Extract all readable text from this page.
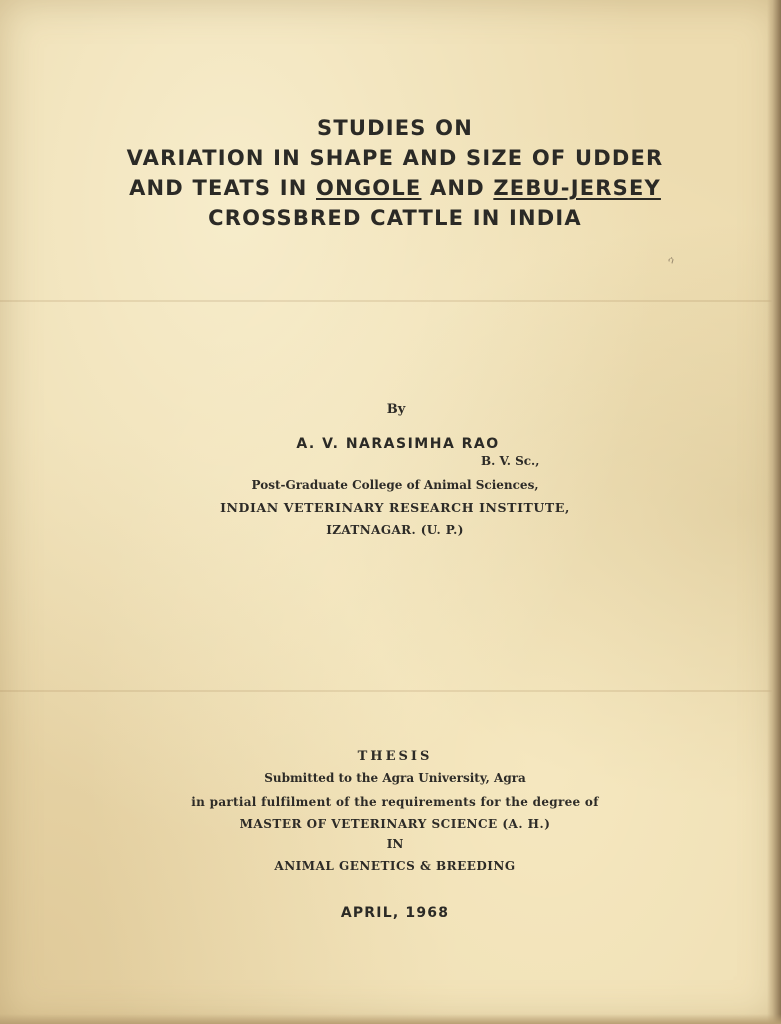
STUDIES ON
VARIATION IN SHAPE AND SIZE OF UDDER
AND TEATS IN ONGOLE AND ZEBU-JERSEY
CROSSBRED CATTLE IN INDIA
ሳ
By
A. V. NARASIMHA RAO
B. V. Sc.,
Post-Graduate College of Animal Sciences,
INDIAN VETERINARY RESEARCH INSTITUTE,
IZATNAGAR. (U. P.)
THESIS
Submitted to the Agra University, Agra
in partial fulfilment of the requirements for the degree of
MASTER OF VETERINARY SCIENCE (A. H.)
IN
ANIMAL GENETICS & BREEDING
APRIL, 1968
